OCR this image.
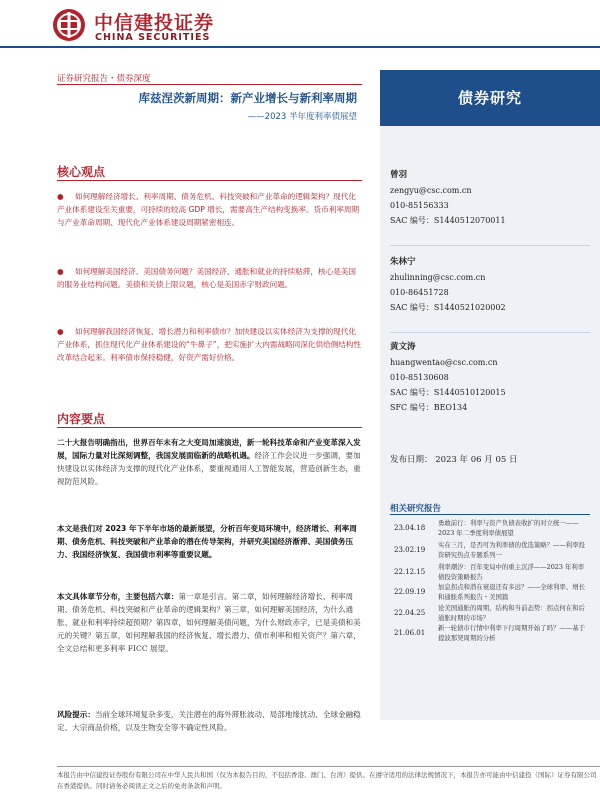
中信建投证券
CHINA SECURITIES
证券研究报告・债券深度
库兹涅茨新周期：新产业增长与新利率周期
——2023 半年度利率债展望
核心观点
● 如何理解经济增长、利率周期、债务危机、科技突破和产业革命的逻辑架构？现代化产业体系建设至关重要，可持续的较高 GDP 增长，需要高生产结构变换率。货币利率周期与产业革命周期、现代化产业体系建设周期紧密相连。
● 如何理解美国经济、美国债务问题？美国经济、通胀和就业的持续粘滞，核心是美国的服务业结构问题。美债和关债上限议题，核心是美国赤字财政问题。
● 如何理解我国经济恢复、增长潜力和利率债市？加快建设以实体经济为支撑的现代化产业体系，抓住现代化产业体系建设的“牛鼻子”，把实施扩大内需战略同深化供给侧结构性改革结合起来。利率债市保持稳健，好资产需好价格。
内容要点
二十大报告明确指出，世界百年未有之大变局加速演进，新一轮科技革命和产业变革深入发展，国际力量对比深刻调整，我国发展面临新的战略机遇。经济工作会议进一步强调，要加快建设以实体经济为支撑的现代化产业体系，要重视通用人工智能发展，营造创新生态，重视防范风险。
本文是我们对 2023 年下半年市场的最新展望，分析百年变局环境中，经济增长、利率周期、债务危机、科技突破和产业革命的潜在传导架构，并研究美国经济渐滞、美国债务压力、我国经济恢复、我国债市利率等重要议题。
本文具体章节分布，主要包括六章：第一章是引言。第二章，如何理解经济增长、利率周期、债务危机、科技突破和产业革命的逻辑架构？第三章，如何理解美国经济，为什么通胀、就业和利率持续超预期？第四章，如何理解美债问题，为什么财政赤字，已是美债和美元的关键？第五章，如何理解我国的经济恢复、增长潜力、债市利率和相关资产？第六章，全文总结和更多利率 FICC 展望。
风险提示：当前全球环境复杂多变，关注潜在的海外滞胀波动、局部地缘扰动、全球金融稳定、大宗商品价格，以及生物安全等不确定性风险。
债券研究
曾羽
zengyu@csc.com.cn
010-85156333
SAC 编号：S1440512070011
朱林宁
zhulinning@csc.com.cn
010-86451728
SAC 编号：S1440521020002
黄文涛
huangwentao@csc.com.cn
010-85130608
SAC 编号：S1440510120015
SFC 编号：BEO134
发布日期： 2023 年 06 月 05 日
相关研究报告
23.04.18
勇敢前行：利率与资产负债表收扩的对立统一——2023 年二季度利率债展望
23.02.19
实在三月，是否可为利率债的优选策略？——利率投资研究热点专题系列一
22.12.15
利率潮汐：百年变局中的重主沉浮——2023 年利率债投资策略报告
22.09.19
加息拐点和潜在衰退还有多远？——全球利率、增长和通胀系列报告・美国篇
22.04.25
论美国通胀的周期、结构和当前态势：拐点何在和后通胀时期的市场？
21.06.01
新一轮债市行情中利率下行周期开始了吗？——基于提波那契周期的分析
本报告由中信建投证券股份有限公司在中华人民共和国（仅为本报告目的，不包括香港、澳门、台湾）提供。在遵守适用的法律法规情况下，本报告亦可能由中信建投（国际）证券有限公司在香港提供。同时请务必阅读正文之后的免责条款和声明。
